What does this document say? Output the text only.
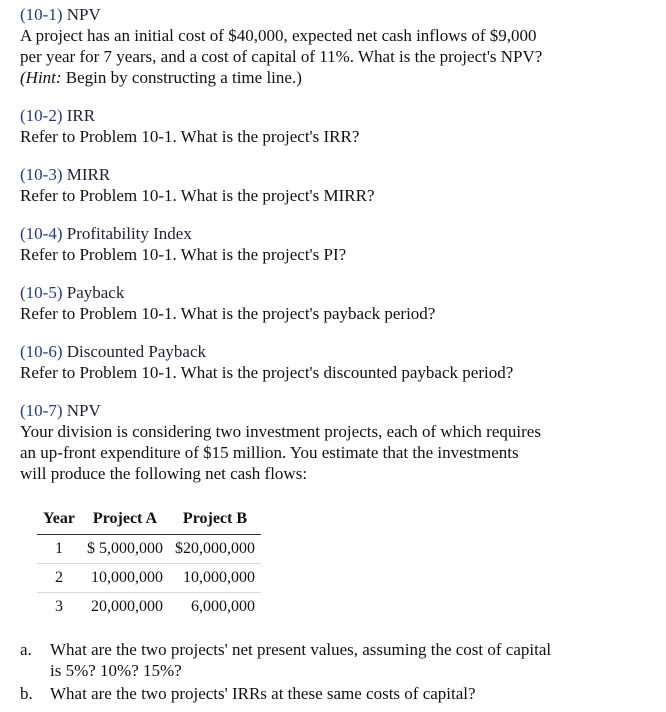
(10-1) NPV
A project has an initial cost of $40,000, expected net cash inflows of $9,000
per year for 7 years, and a cost of capital of 11%. What is the project's NPV?
(Hint: Begin by constructing a time line.)
(10-2) IRR
Refer to Problem 10-1. What is the project's IRR?
(10-3) MIRR
Refer to Problem 10-1. What is the project's MIRR?
(10-4) Profitability Index
Refer to Problem 10-1. What is the project's PI?
(10-5) Payback
Refer to Problem 10-1. What is the project's payback period?
(10-6) Discounted Payback
Refer to Problem 10-1. What is the project's discounted payback period?
(10-7) NPV
Your division is considering two investment projects, each of which requires
an up-front expenditure of $15 million. You estimate that the investments
will produce the following net cash flows:
Year	Project A	Project B
1	$ 5,000,000	$20,000,000
2	10,000,000	10,000,000
3	20,000,000	6,000,000
a. What are the two projects' net present values, assuming the cost of capital
is 5%? 10%? 15%?
b. What are the two projects' IRRs at these same costs of capital?
